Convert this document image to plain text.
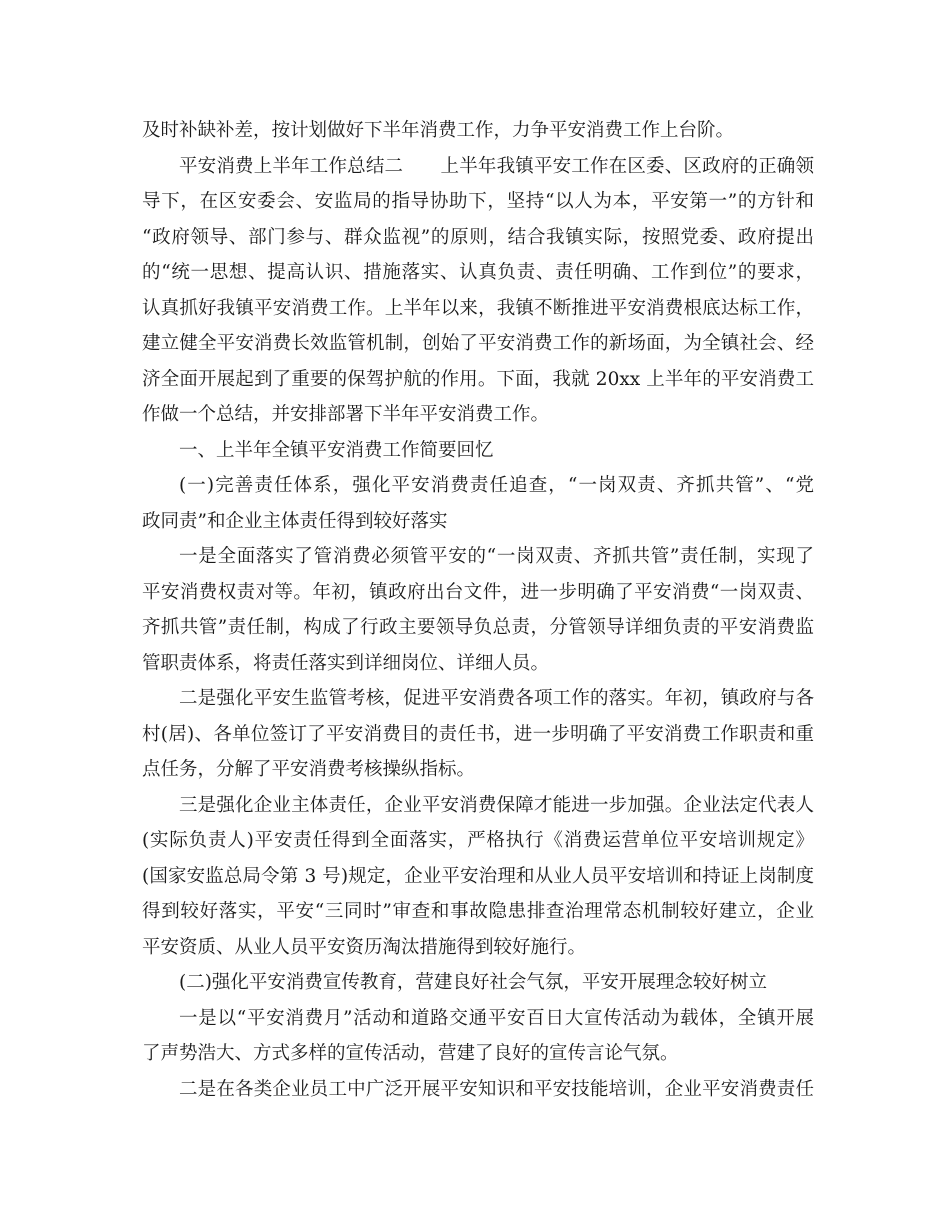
及时补缺补差，按计划做好下半年消费工作，力争平安消费工作上台阶。
平安消费上半年工作总结二　　上半年我镇平安工作在区委、区政府的正确领
导下，在区安委会、安监局的指导协助下，坚持“以人为本，平安第一”的方针和
“政府领导、部门参与、群众监视”的原则，结合我镇实际，按照党委、政府提出
的“统一思想、提高认识、措施落实、认真负责、责任明确、工作到位”的要求，
认真抓好我镇平安消费工作。上半年以来，我镇不断推进平安消费根底达标工作，
建立健全平安消费长效监管机制，创始了平安消费工作的新场面，为全镇社会、经
济全面开展起到了重要的保驾护航的作用。下面，我就 20xx 上半年的平安消费工
作做一个总结，并安排部署下半年平安消费工作。
一、上半年全镇平安消费工作简要回忆
(一)完善责任体系，强化平安消费责任追查，“一岗双责、齐抓共管”、“党
政同责”和企业主体责任得到较好落实
一是全面落实了管消费必须管平安的“一岗双责、齐抓共管”责任制，实现了
平安消费权责对等。年初，镇政府出台文件，进一步明确了平安消费“一岗双责、
齐抓共管”责任制，构成了行政主要领导负总责，分管领导详细负责的平安消费监
管职责体系，将责任落实到详细岗位、详细人员。
二是强化平安生监管考核，促进平安消费各项工作的落实。年初，镇政府与各
村(居)、各单位签订了平安消费目的责任书，进一步明确了平安消费工作职责和重
点任务，分解了平安消费考核操纵指标。
三是强化企业主体责任，企业平安消费保障才能进一步加强。企业法定代表人
(实际负责人)平安责任得到全面落实，严格执行《消费运营单位平安培训规定》
(国家安监总局令第 3 号)规定，企业平安治理和从业人员平安培训和持证上岗制度
得到较好落实，平安“三同时”审查和事故隐患排查治理常态机制较好建立，企业
平安资质、从业人员平安资历淘汰措施得到较好施行。
(二)强化平安消费宣传教育，营建良好社会气氛，平安开展理念较好树立
一是以“平安消费月”活动和道路交通平安百日大宣传活动为载体，全镇开展
了声势浩大、方式多样的宣传活动，营建了良好的宣传言论气氛。
二是在各类企业员工中广泛开展平安知识和平安技能培训，企业平安消费责任
